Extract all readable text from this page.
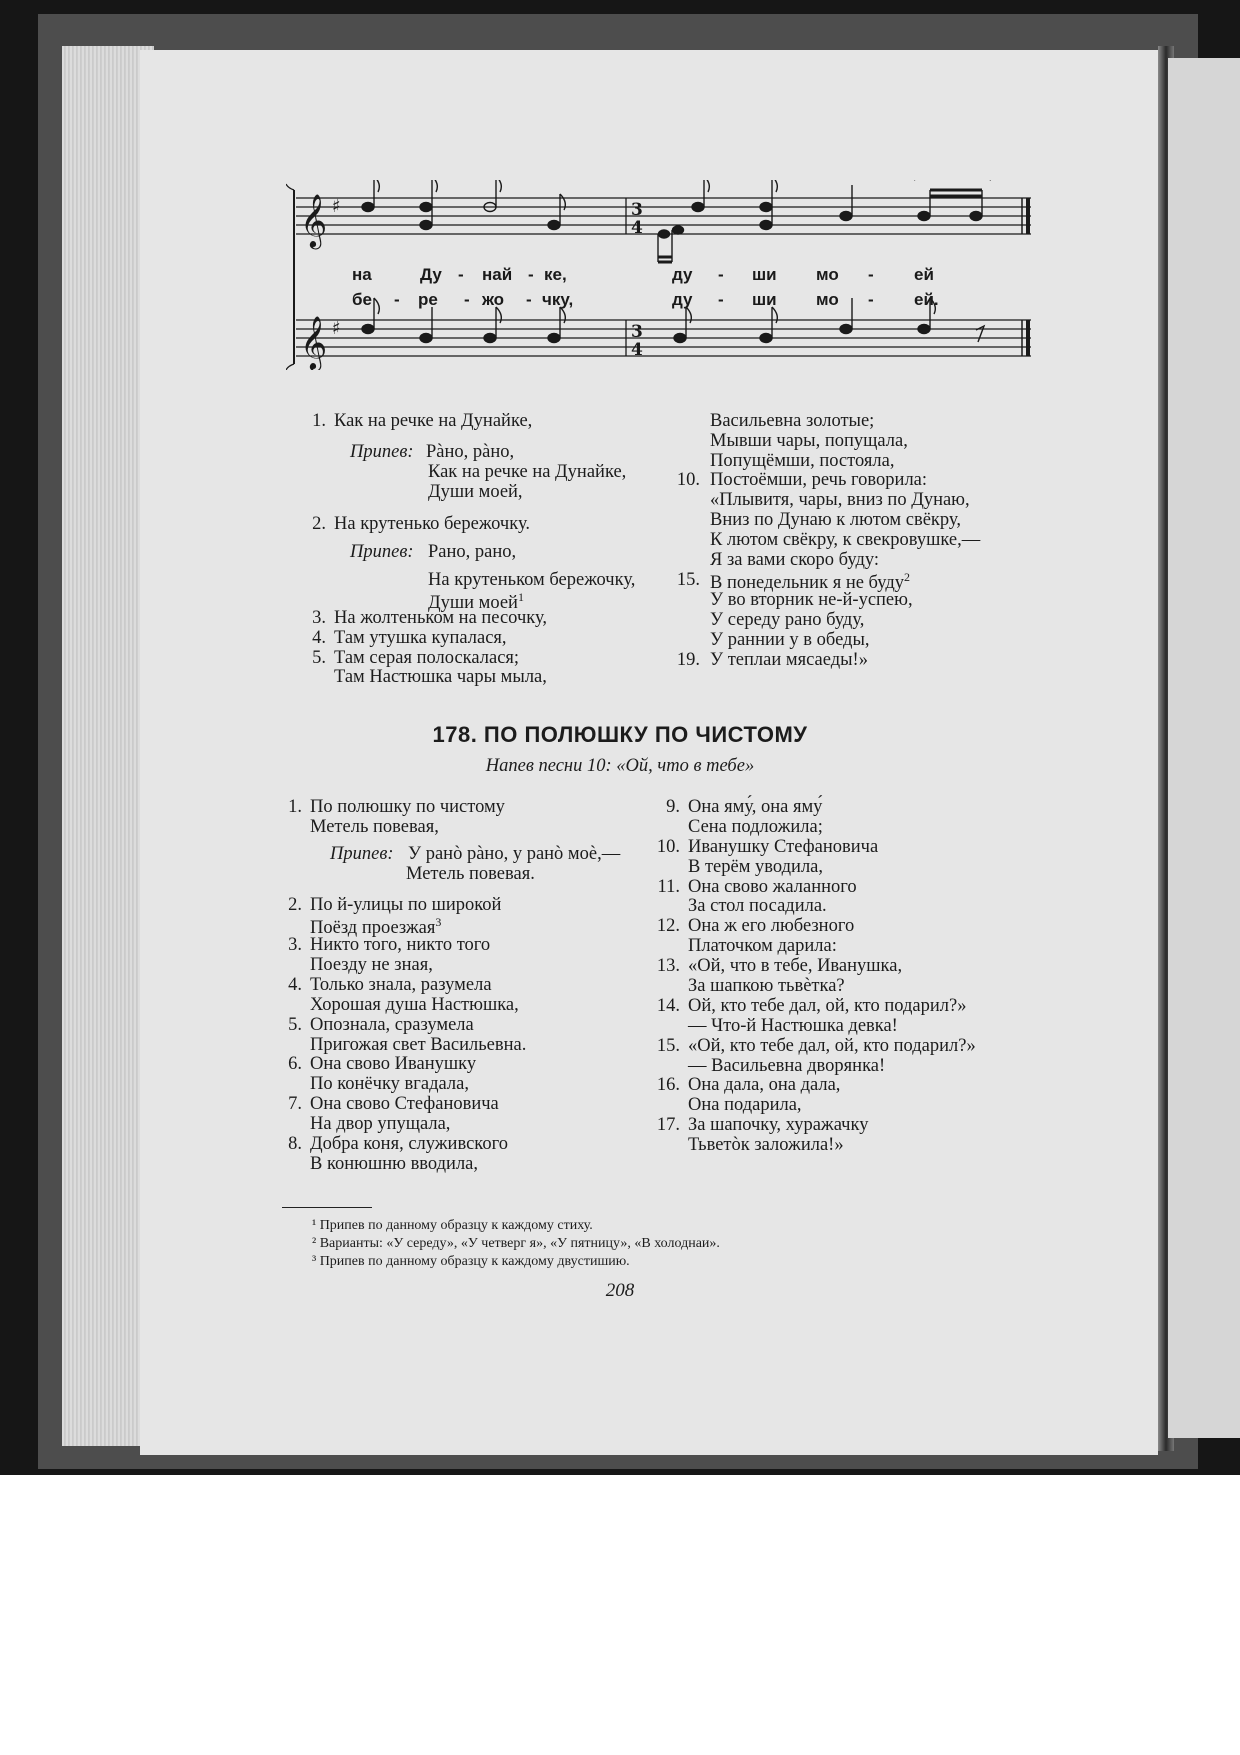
𝄞
𝄞
♯
♯
3
4
3
4
на	Ду - най - ке,	ду - ши мо - ей
бе - ре - жо - чку,	ду - ши мо - ей.
1. Как на речке на Дунайке,
Припев: Рàно, рàно,
Как на речке на Дунайке,
Души моей,
2. На крутенько бережочку.
Припев: Рано, рано,
На крутеньком бережочку,
Души моей$^1$
3. На жолтеньком на песочку,
4. Там утушка купалася,
5. Там серая полоскалася;
Там Настюшка чары мыла,
Васильевна золотые;
Мывши чары, попущала,
Попущёмши, постояла,
10. Постоёмши, речь говорила:
«Плывитя, чары, вниз по Дунаю,
Вниз по Дунаю к лютом свёкру,
К лютом свёкру, к свекровушке,—
Я за вами скоро буду:
15. В понедельник я не буду$^2$
У во вторник не-й-успею,
У середу рано буду,
У раннии у в обеды,
19. У теплаи мясаеды!»
178. ПО ПОЛЮШКУ ПО ЧИСТОМУ
Напев песни 10: «Ой, что в тебе»
1. По полюшку по чистому
Метель повевая,
Припев: У ранò рàно, у ранò моè,—
Метель повевая.
2. По й-улицы по широкой
Поёзд проезжая$^3$
3. Никто того, никто того
Поезду не зная,
4. Только знала, разумела
Хорошая душа Настюшка,
5. Опознала, сразумела
Пригожая свет Васильевна.
6. Она свово Иванушку
По конёчку вгадала,
7. Она свово Стефановича
На двор упущала,
8. Добра коня, служивского
В конюшню вводила,
9. Она яму́, она яму́
Сена подложила;
10. Иванушку Стефановича
В терём уводила,
11. Она свово жаланного
За стол посадила.
12. Она ж его любезного
Платочком дарила:
13. «Ой, что в тебе, Иванушка,
За шапкою тьвèтка?
14. Ой, кто тебе дал, ой, кто подарил?»
— Что-й Настюшка девка!
15. «Ой, кто тебе дал, ой, кто подарил?»
— Васильевна дворянка!
16. Она дала, она дала,
Она подарила,
17. За шапочку, хуражачку
Тьветòк заложила!»
¹ Припев по данному образцу к каждому стиху.
² Варианты: «У середу», «У четверг я», «У пятницу», «В холоднаи».
³ Припев по данному образцу к каждому двустишию.
208
